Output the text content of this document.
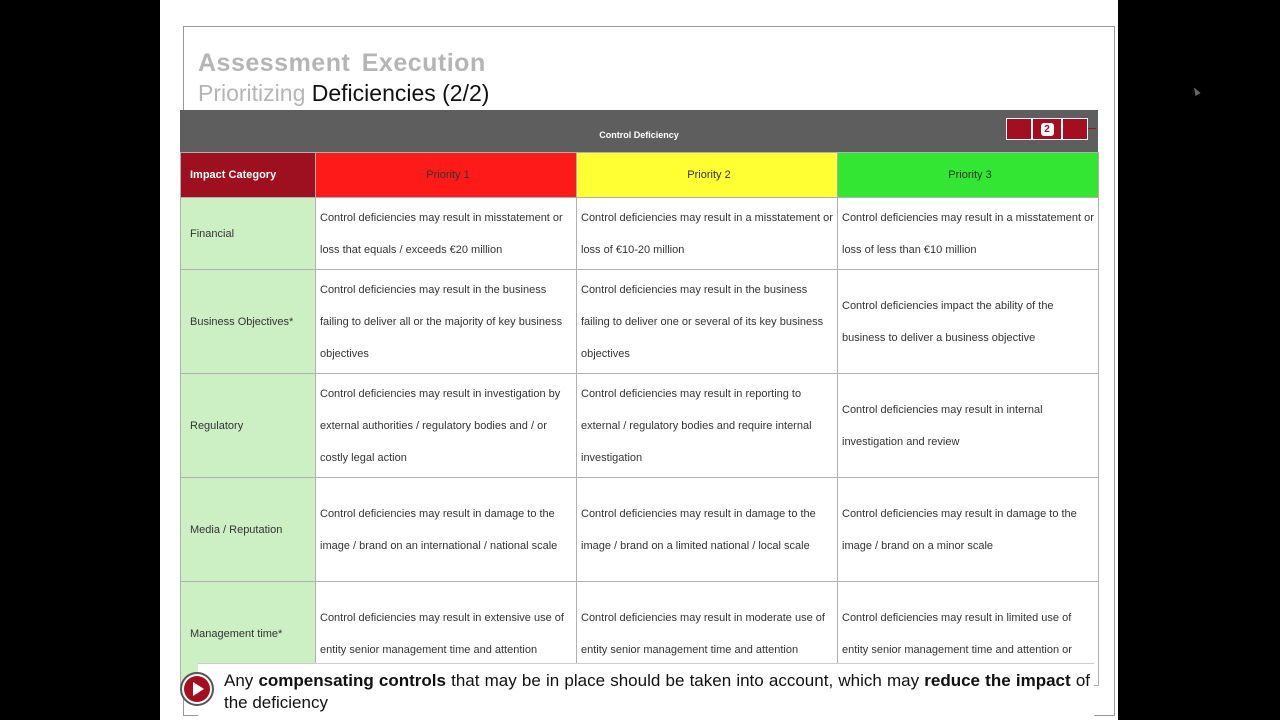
Assessment Execution
Prioritizing Deficiencies (2/2)
Control Deficiency
Impact Category	Priority 1	Priority 2	Priority 3
Financial	Control deficiencies may result in misstatement or loss that equals / exceeds €20 million	Control deficiencies may result in a misstatement or loss of €10-20 million	Control deficiencies may result in a misstatement or loss of less than €10 million
Business Objectives*	Control deficiencies may result in the business failing to deliver all or the majority of key business objectives	Control deficiencies may result in the business failing to deliver one or several of its key business objectives	Control deficiencies impact the ability of the business to deliver a business objective
Regulatory	Control deficiencies may result in investigation by external authorities / regulatory bodies and / or costly legal action	Control deficiencies may result in reporting to external / regulatory bodies and require internal investigation	Control deficiencies may result in internal investigation and review
Media / Reputation	Control deficiencies may result in damage to the image / brand on an international / national scale	Control deficiencies may result in damage to the image / brand on a limited national / local scale	Control deficiencies may result in damage to the image / brand on a minor scale
Management time*	Control deficiencies may result in extensive use of entity senior management time and attention	Control deficiencies may result in moderate use of entity senior management time and attention	Control deficiencies may result in limited use of entity senior management time and attention or
2
Any compensating controls that may be in place should be taken into account, which may reduce the impact of the deficiency
